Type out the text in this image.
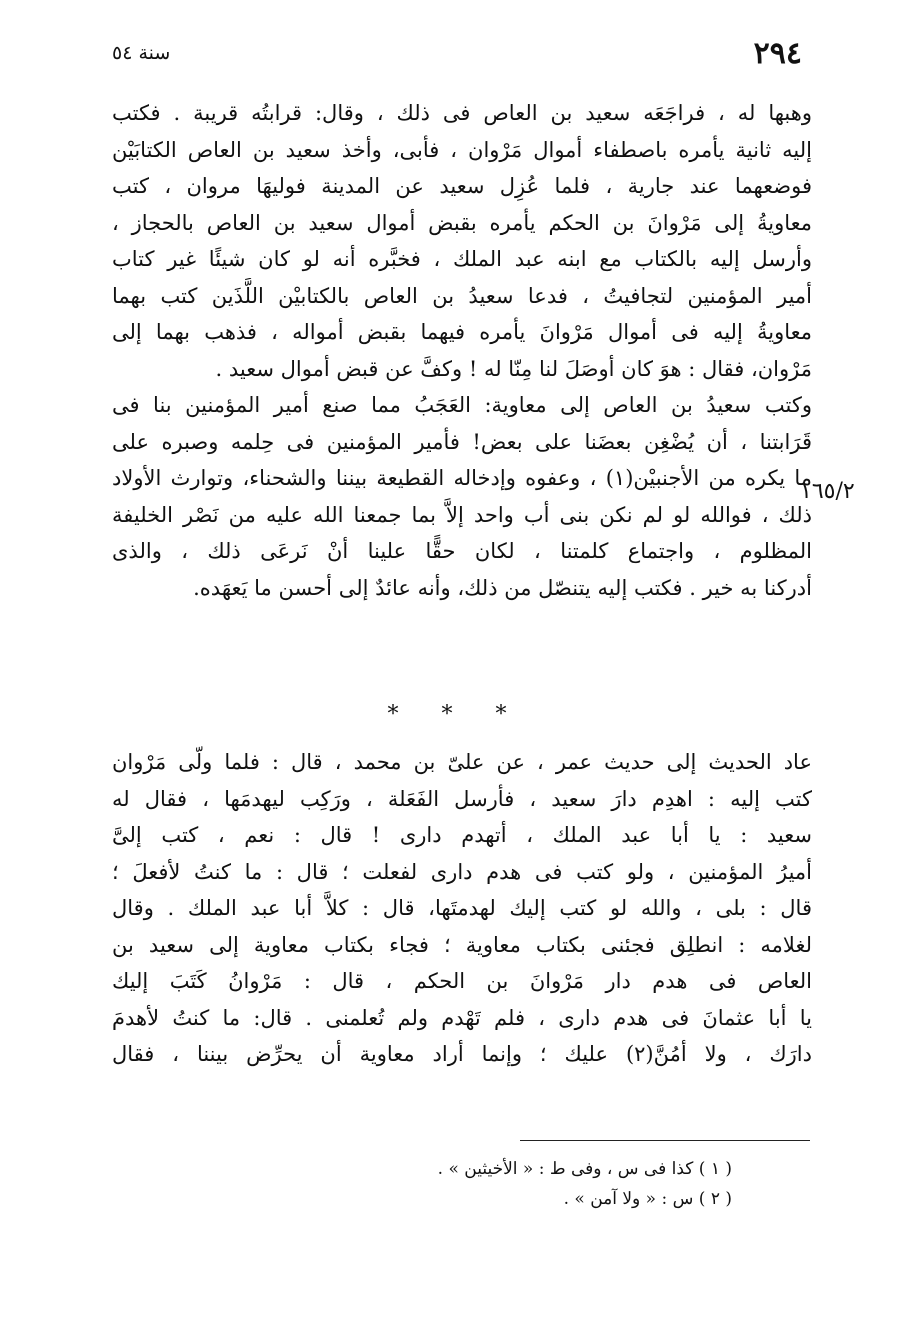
٢٩٤
سنة ٥٤
١٦٥/٢
وهبها له ، فراجَعَه سعيد بن العاص فى ذلك ، وقال: قرابتُه قريبة . فكتب
إليه ثانية يأمره باصطفاء أموال مَرْوان ، فأبى، وأخذ سعيد بن العاص الكتابَيْن
فوضعهما عند جارية ، فلما عُزِل سعيد عن المدينة فوليهَا مروان ، كتب
معاويةُ إلى مَرْوانَ بن الحكم يأمره بقبض أموال سعيد بن العاص بالحجاز ،
وأرسل إليه بالكتاب مع ابنه عبد الملك ، فخبَّره أنه لو كان شيئًا غير كتاب
أمير المؤمنين لتجافيتُ ، فدعا سعيدُ بن العاص بالكتابيْن اللَّذَين كتب بهما
معاويةُ إليه فى أموال مَرْوانَ يأمره فيهما بقبض أمواله ، فذهب بهما إلى
مَرْوان، فقال : هوَ كان أوصَلَ لنا مِنّا له ! وكفَّ عن قبض أموال سعيد .
وكتب سعيدُ بن العاص إلى معاوية: العَجَبُ مما صنع أمير المؤمنين بنا فى
قَرَابتنا ، أن يُضْغِن بعضَنا على بعض! فأمير المؤمنين فى حِلمه وصبره على
ما يكره من الأجنبيْن(١) ، وعفوه وإدخاله القطيعة بيننا والشحناء، وتوارث الأولاد
ذلك ، فوالله لو لم نكن بنى أب واحد إلاَّ بما جمعنا الله عليه من نَصْر الخليفة
المظلوم ، واجتماع كلمتنا ، لكان حقًّا علينا أنْ نَرعَى ذلك ، والذى
أدركنا به خير . فكتب إليه يتنصّل من ذلك، وأنه عائدٌ إلى أحسن ما يَعهَده.
* * *
عاد الحديث إلى حديث عمر ، عن علىّ بن محمد ، قال : فلما ولّى مَرْوان
كتب إليه : اهدِم دارَ سعيد ، فأرسل الفَعَلة ، ورَكِب ليهدمَها ، فقال له
سعيد : يا أبا عبد الملك ، أتهدم دارى ! قال : نعم ، كتب إلىَّ
أميرُ المؤمنين ، ولو كتب فى هدم دارى لفعلت ؛ قال : ما كنتُ لأفعلَ ؛
قال : بلى ، والله لو كتب إليك لهدمتَها، قال : كلاَّ أبا عبد الملك . وقال
لغلامه : انطلِق فجئنى بكتاب معاوية ؛ فجاء بكتاب معاوية إلى سعيد بن
العاص فى هدم دار مَرْوانَ بن الحكم ، قال : مَرْوانُ كَتَبَ إليك
يا أبا عثمانَ فى هدم دارى ، فلم تَهْدم ولم تُعلمنى . قال: ما كنتُ لأهدمَ
دارَك ، ولا أمُنَّ(٢) عليك ؛ وإنما أراد معاوية أن يحرِّض بيننا ، فقال
( ١ ) كذا فى س ، وفى ط : « الأخيثين » .
( ٢ ) س : « ولا آمن » .
